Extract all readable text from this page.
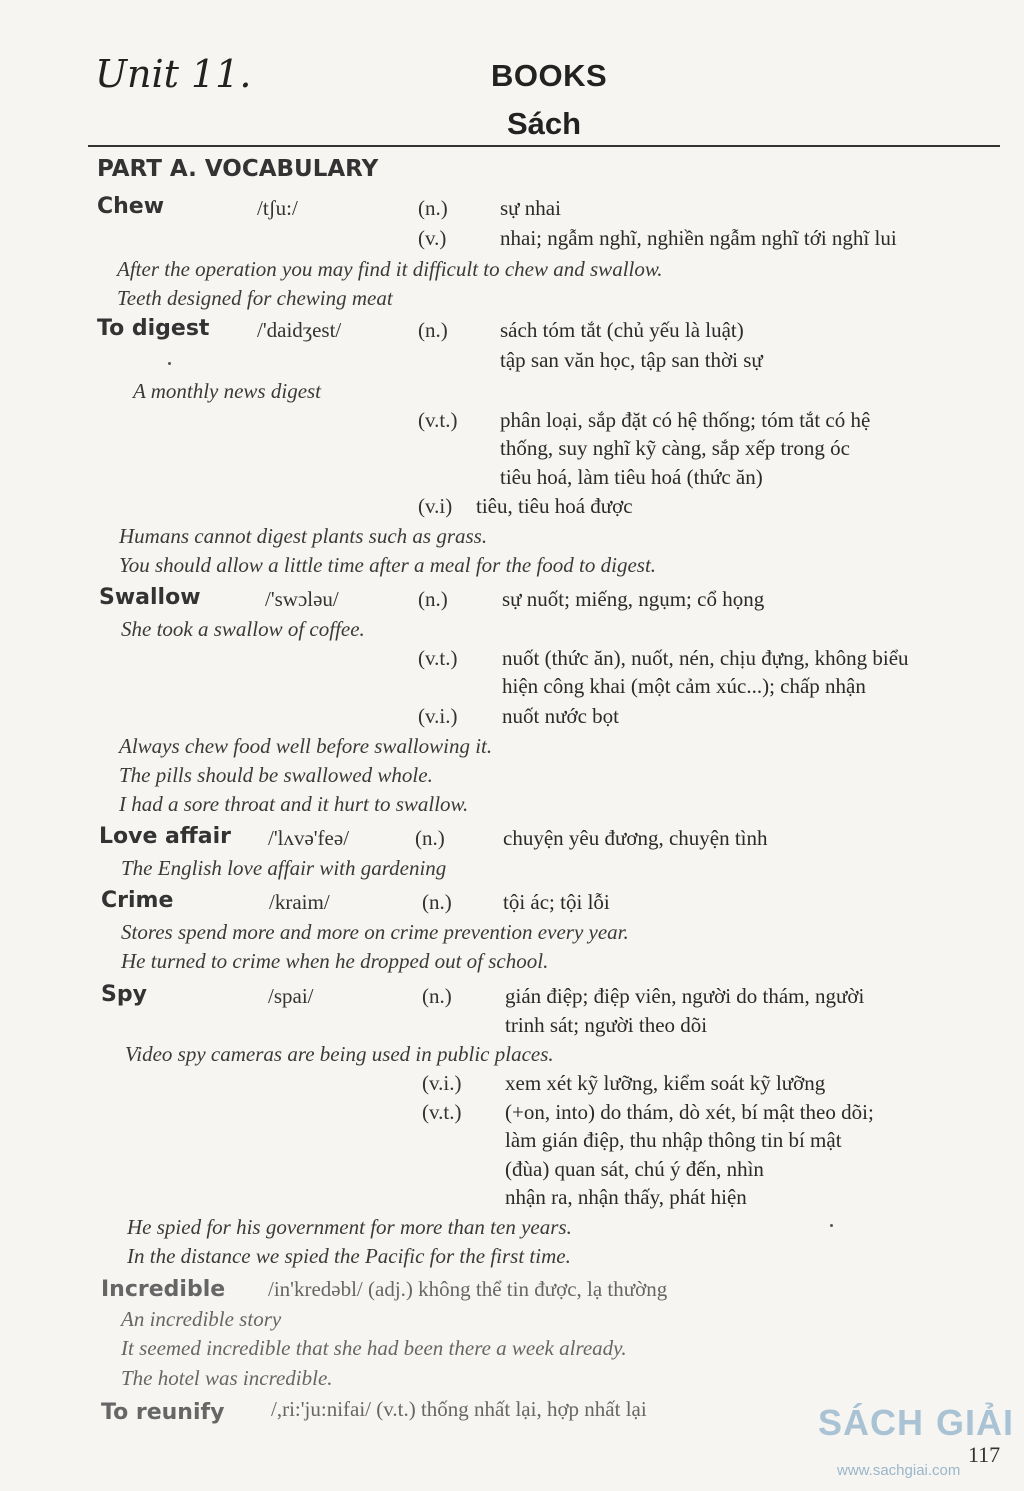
Unit 11.	BOOKS
Sách
PART A. VOCABULARY
Chew	/tʃu:/	(n.) sự nhai
(v.)	nhai; ngẫm nghĩ, nghiền ngẫm nghĩ tới nghĩ lui
After the operation you may find it difficult to chew and swallow.
Teeth designed for chewing meat
To digest /'daidʒest/	(n.) sách tóm tắt (chủ yếu là luật)
tập san văn học, tập san thời sự
A monthly news digest
(v.t.) phân loại, sắp đặt có hệ thống; tóm tắt có hệ
thống, suy nghĩ kỹ càng, sắp xếp trong óc
tiêu hoá, làm tiêu hoá (thức ăn)
(v.i) tiêu, tiêu hoá được
Humans cannot digest plants such as grass.
You should allow a little time after a meal for the food to digest.
Swallow	/'swɔləu/	(n.)	sự nuốt; miếng, ngụm; cổ họng
She took a swallow of coffee.
(v.t.) nuốt (thức ăn), nuốt, nén, chịu đựng, không biểu
hiện công khai (một cảm xúc...); chấp nhận
(v.i.) nuốt nước bọt
Always chew food well before swallowing it.
The pills should be swallowed whole.
I had a sore throat and it hurt to swallow.
Love affair /'lʌvə'feə/	(n.)	chuyện yêu đương, chuyện tình
The English love affair with gardening
Crime	/kraim/	(n.) tội ác; tội lỗi
Stores spend more and more on crime prevention every year.
He turned to crime when he dropped out of school.
Spy	/spai/	(n.)	gián điệp; điệp viên, người do thám, người
trinh sát; người theo dõi
Video spy cameras are being used in public places.
(v.i.) xem xét kỹ lưỡng, kiểm soát kỹ lưỡng
(v.t.) (+on, into) do thám, dò xét, bí mật theo dõi;
làm gián điệp, thu nhập thông tin bí mật
(đùa) quan sát, chú ý đến, nhìn
nhận ra, nhận thấy, phát hiện
He spied for his government for more than ten years.
In the distance we spied the Pacific for the first time.
Incredible /in'kredəbl/ (adj.) không thể tin được, lạ thường
An incredible story
It seemed incredible that she had been there a week already.
The hotel was incredible.
To reunify /,ri:'ju:nifai/ (v.t.) thống nhất lại, hợp nhất lại	SÁCH GIẢI
www.sachgiai.com
117
